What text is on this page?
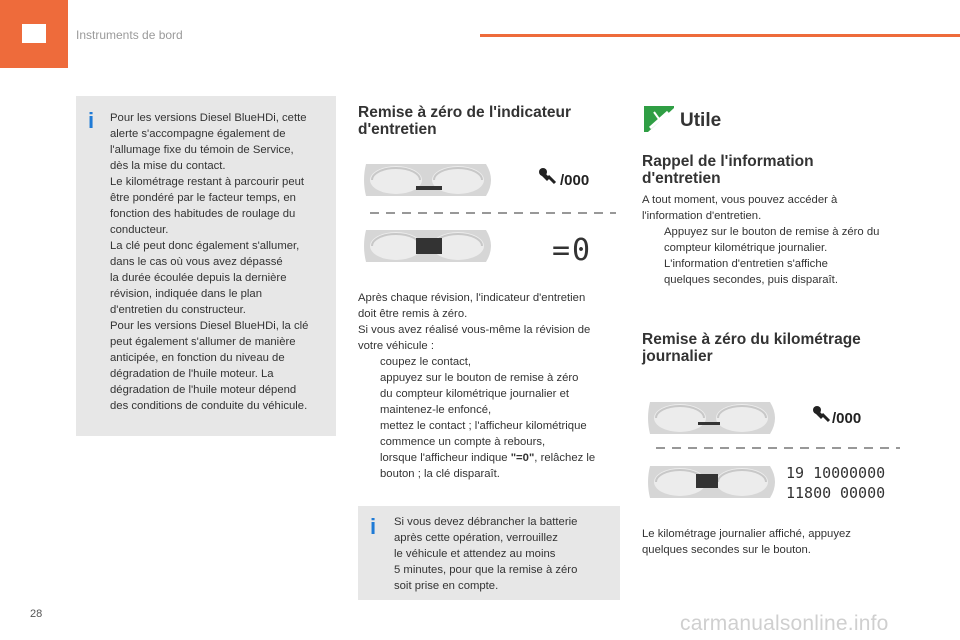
Instruments de bord
i Pour les versions Diesel BlueHDi, cette
alerte s'accompagne également de
l'allumage fixe du témoin de Service,
dès la mise du contact.
Le kilométrage restant à parcourir peut
être pondéré par le facteur temps, en
fonction des habitudes de roulage du
conducteur.
La clé peut donc également s'allumer,
dans le cas où vous avez dépassé
la durée écoulée depuis la dernière
révision, indiquée dans le plan
d'entretien du constructeur.
Pour les versions Diesel BlueHDi, la clé
peut également s'allumer de manière
anticipée, en fonction du niveau de
dégradation de l'huile moteur. La
dégradation de l'huile moteur dépend
des conditions de conduite du véhicule.
Remise à zéro de l'indicateur
d'entretien
/000
=0
Après chaque révision, l'indicateur d'entretien
doit être remis à zéro.
Si vous avez réalisé vous-même la révision de
votre véhicule :
coupez le contact,
appuyez sur le bouton de remise à zéro
du compteur kilométrique journalier et
maintenez-le enfoncé,
mettez le contact ; l'afficheur kilométrique
commence un compte à rebours,
lorsque l'afficheur indique "=0", relâchez le
bouton ; la clé disparaît.
i Si vous devez débrancher la batterie
après cette opération, verrouillez
le véhicule et attendez au moins
5 minutes, pour que la remise à zéro
soit prise en compte.
Utile
Rappel de l'information
d'entretien
A tout moment, vous pouvez accéder à
l'information d'entretien.
Appuyez sur le bouton de remise à zéro du
compteur kilométrique journalier.
L'information d'entretien s'affiche
quelques secondes, puis disparaît.
Remise à zéro du kilométrage
journalier
/000
19 100 00000
11800 00000
Le kilométrage journalier affiché, appuyez
quelques secondes sur le bouton.
28	carmanualsonline.info
